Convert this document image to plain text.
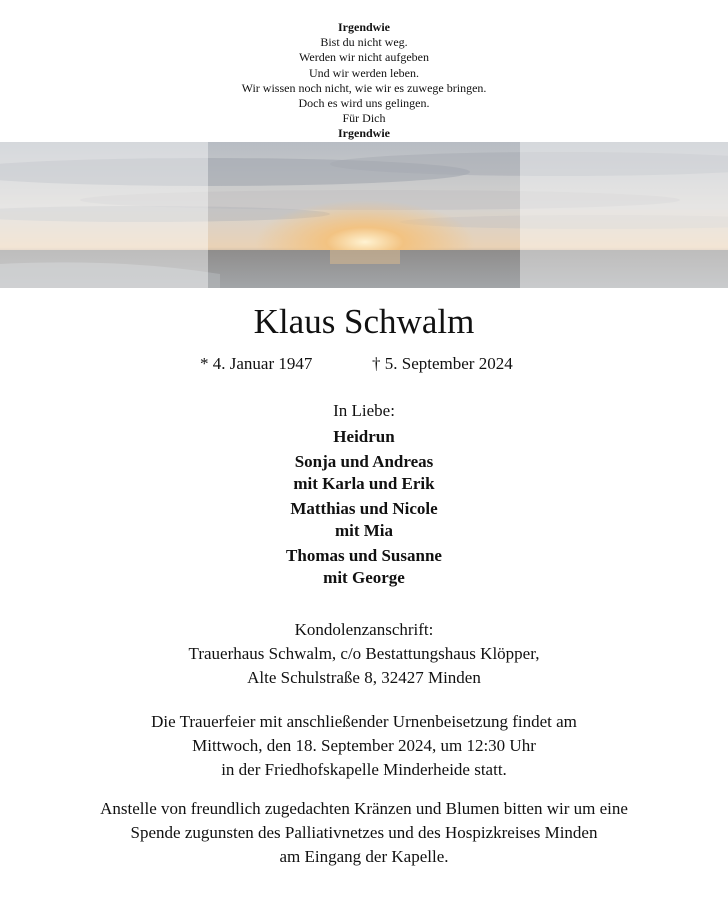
Irgendwie
Bist du nicht weg.
Werden wir nicht aufgeben
Und wir werden leben.
Wir wissen noch nicht, wie wir es zuwege bringen.
Doch es wird uns gelingen.
Für Dich
Irgendwie
Klaus Schwalm
* 4. Januar 1947	† 5. September 2024
In Liebe:
Heidrun
Sonja und Andreas
mit Karla und Erik
Matthias und Nicole
mit Mia
Thomas und Susanne
mit George
Kondolenzanschrift:
Trauerhaus Schwalm, c/o Bestattungshaus Klöpper,
Alte Schulstraße 8, 32427 Minden
Die Trauerfeier mit anschließender Urnenbeisetzung findet am
Mittwoch, den 18. September 2024, um 12:30 Uhr
in der Friedhofskapelle Minderheide statt.
Anstelle von freundlich zugedachten Kränzen und Blumen bitten wir um eine
Spende zugunsten des Palliativnetzes und des Hospizkreises Minden
am Eingang der Kapelle.
